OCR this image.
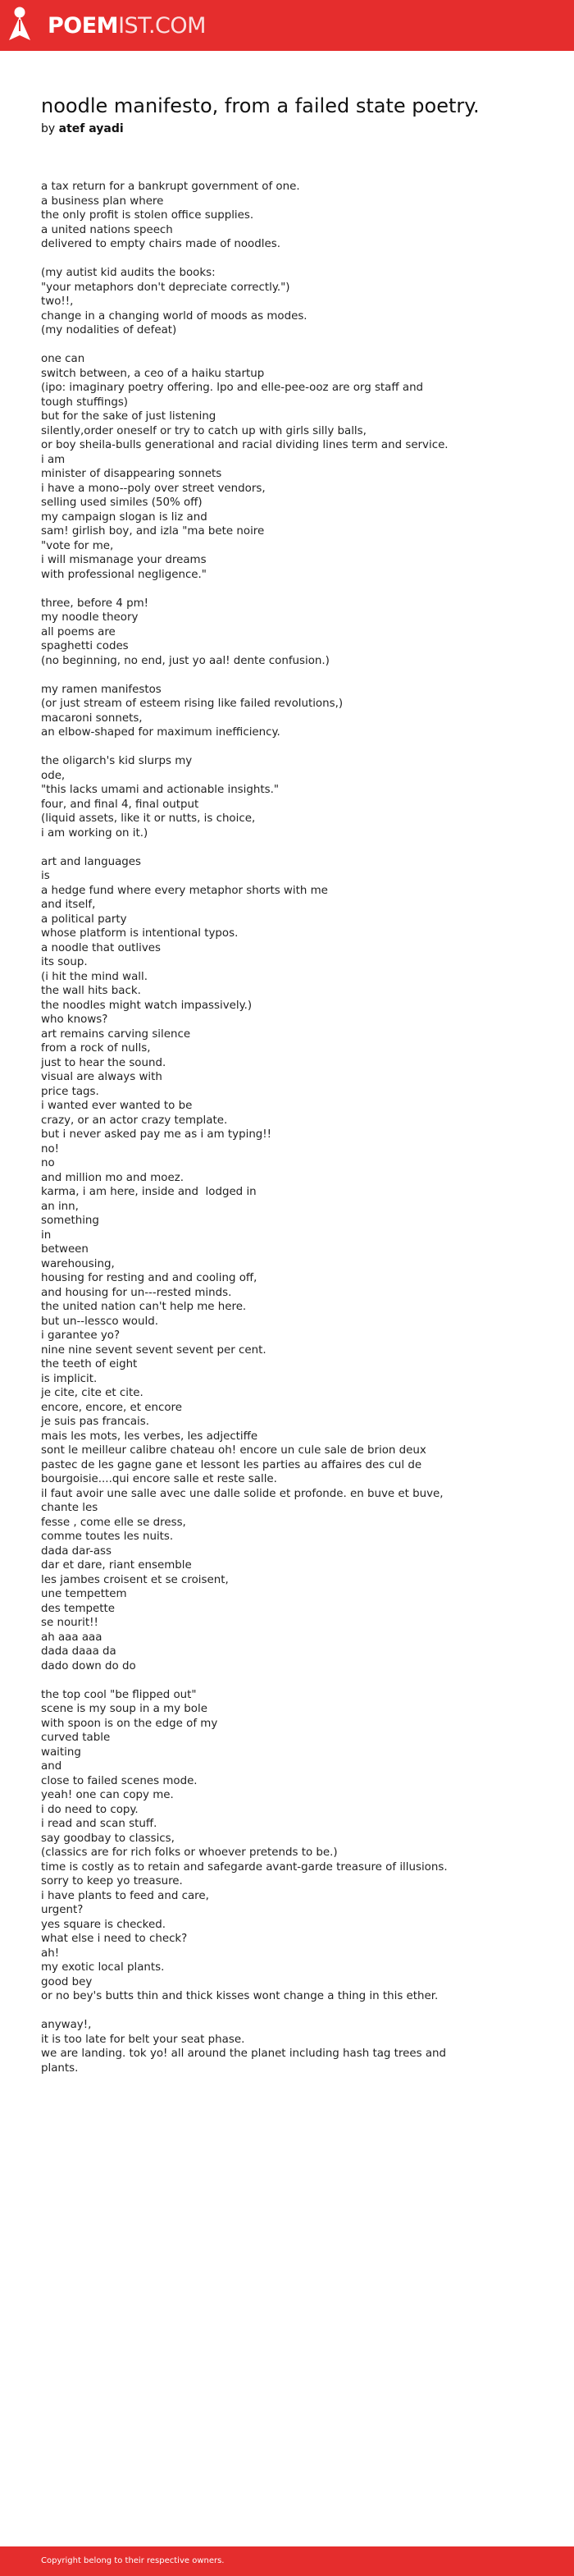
POEMIST.COM
noodle manifesto, from a failed state poetry.
by atef ayadi
a tax return for a bankrupt government of one.
a business plan where
the only profit is stolen office supplies.
a united nations speech
delivered to empty chairs made of noodles.
(my autist kid audits the books:
"your metaphors don't depreciate correctly.")
two!!,
change in a changing world of moods as modes.
(my nodalities of defeat)
one can
switch between, a ceo of a haiku startup
(ipo: imaginary poetry offering. lpo and elle-pee-ooz are org staff and tough stuffings)
but for the sake of just listening
silently,order oneself or try to catch up with girls silly balls,
or boy sheila-bulls generational and racial dividing lines term and service.
i am
minister of disappearing sonnets
i have a mono--poly over street vendors,
selling used similes (50% off)
my campaign slogan is liz and
sam! girlish boy, and izla "ma bete noire
"vote for me,
i will mismanage your dreams
with professional negligence."
three, before 4 pm!
my noodle theory
all poems are
spaghetti codes
(no beginning, no end, just yo aal! dente confusion.)
my ramen manifestos
(or just stream of esteem rising like failed revolutions,)
macaroni sonnets,
an elbow-shaped for maximum inefficiency.
the oligarch's kid slurps my
ode,
"this lacks umami and actionable insights."
four, and final 4, final output
(liquid assets, like it or nutts, is choice,
i am working on it.)
art and languages
is
a hedge fund where every metaphor shorts with me
and itself,
a political party
whose platform is intentional typos.
a noodle that outlives
its soup.
(i hit the mind wall.
the wall hits back.
the noodles might watch impassively.)
who knows?
art remains carving silence
from a rock of nulls,
just to hear the sound.
visual are always with
price tags.
i wanted ever wanted to be
crazy, or an actor crazy template.
but i never asked pay me as i am typing!!
no!
no
and million mo and moez.
karma, i am here, inside and  lodged in
an inn,
something
in
between
warehousing,
housing for resting and and cooling off,
and housing for un---rested minds.
the united nation can't help me here.
but un--lessco would.
i garantee yo?
nine nine sevent sevent sevent per cent.
the teeth of eight
is implicit.
je cite, cite et cite.
encore, encore, et encore
je suis pas francais.
mais les mots, les verbes, les adjectiffe
sont le meilleur calibre chateau oh! encore un cule sale de brion deux pastec de les gagne gane et lessont les parties au affaires des cul de bourgoisie....qui encore salle et reste salle.
il faut avoir une salle avec une dalle solide et profonde. en buve et buve, chante les
fesse , come elle se dress,
comme toutes les nuits.
dada dar-ass
dar et dare, riant ensemble
les jambes croisent et se croisent,
une tempettem
des tempette
se nourit!!
ah aaa aaa
dada daaa da
dado down do do
the top cool "be flipped out"
scene is my soup in a my bole
with spoon is on the edge of my
curved table
waiting
and
close to failed scenes mode.
yeah! one can copy me.
i do need to copy.
i read and scan stuff.
say goodbay to classics,
(classics are for rich folks or whoever pretends to be.)
time is costly as to retain and safegarde avant-garde treasure of illusions.
sorry to keep yo treasure.
i have plants to feed and care,
urgent?
yes square is checked.
what else i need to check?
ah!
my exotic local plants.
good bey
or no bey's butts thin and thick kisses wont change a thing in this ether.
anyway!,
it is too late for belt your seat phase.
we are landing. tok yo! all around the planet including hash tag trees and plants.
Copyright belong to their respective owners.
